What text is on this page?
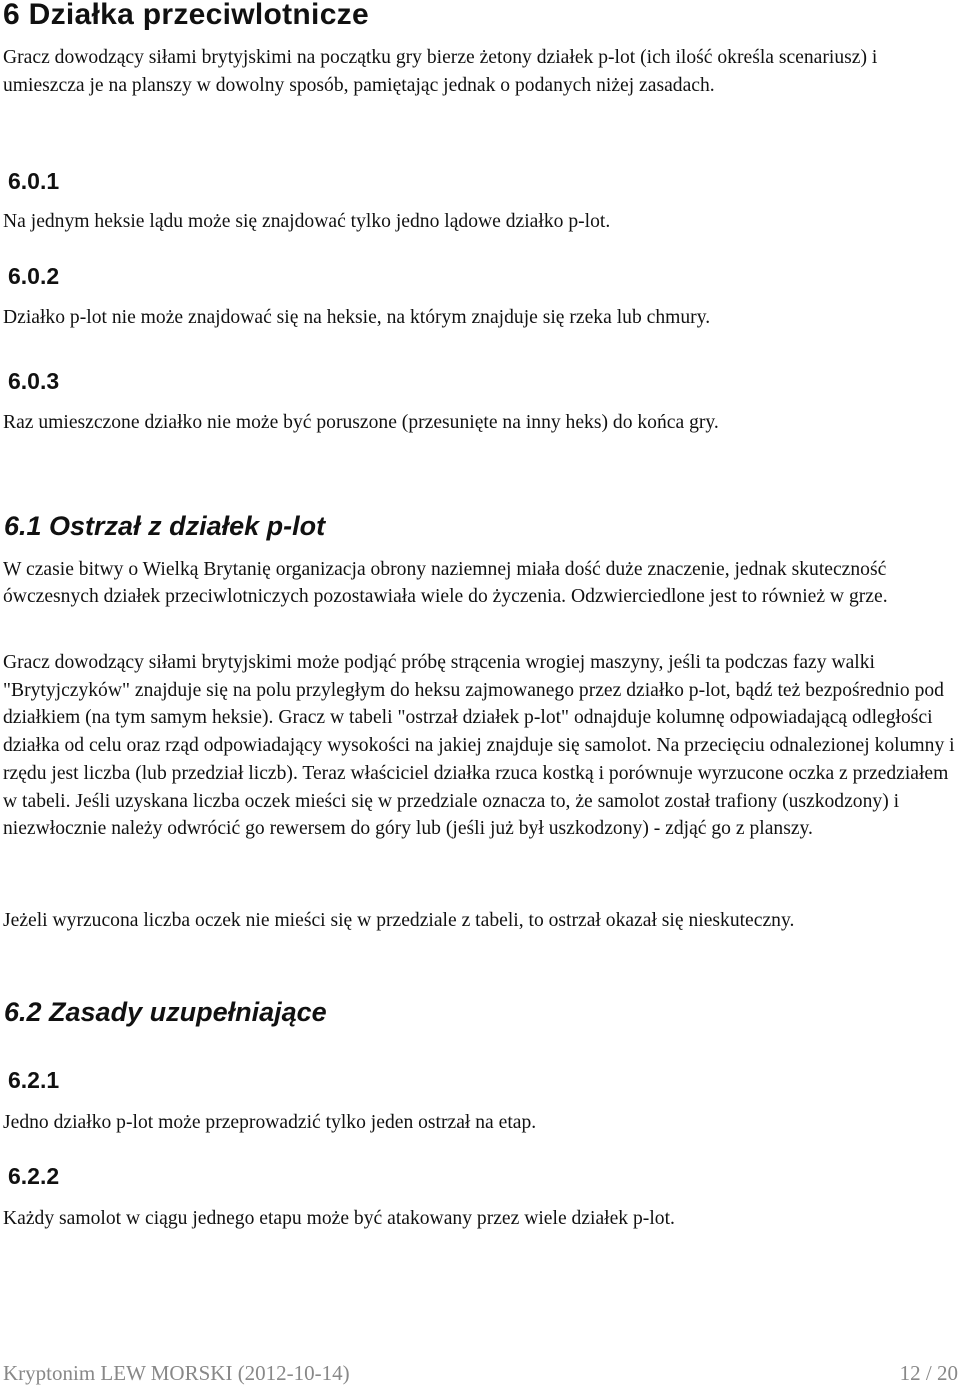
6 Działka przeciwlotnicze

Gracz dowodzący siłami brytyjskimi na początku gry bierze żetony działek p-lot (ich ilość określa scenariusz) i umieszcza je na planszy w dowolny sposób, pamiętając jednak o podanych niżej zasadach.

6.0.1

Na jednym heksie lądu może się znajdować tylko jedno lądowe działko p-lot.

6.0.2

Działko p-lot nie może znajdować się na heksie, na którym znajduje się rzeka lub chmury.

6.0.3

Raz umieszczone działko nie może być poruszone (przesunięte na inny heks) do końca gry.

6.1 Ostrzał z działek p-lot

W czasie bitwy o Wielką Brytanię organizacja obrony naziemnej miała dość duże znaczenie, jednak skuteczność ówczesnych działek przeciwlotniczych pozostawiała wiele do życzenia. Odzwierciedlone jest to również w grze.

Gracz dowodzący siłami brytyjskimi może podjąć próbę strącenia wrogiej maszyny, jeśli ta podczas fazy walki "Brytyjczyków" znajduje się na polu przyległym do heksu zajmowanego przez działko p-lot, bądź też bezpośrednio pod działkiem (na tym samym heksie). Gracz w tabeli "ostrzał działek p-lot" odnajduje kolumnę odpowiadającą odległości działka od celu oraz rząd odpowiadający wysokości na jakiej znajduje się samolot. Na przecięciu odnalezionej kolumny i rzędu jest liczba (lub przedział liczb). Teraz właściciel działka rzuca kostką i porównuje wyrzucone oczka z przedziałem w tabeli. Jeśli uzyskana liczba oczek mieści się w przedziale oznacza to, że samolot został trafiony (uszkodzony) i niezwłocznie należy odwrócić go rewersem do góry lub (jeśli już był uszkodzony) - zdjąć go z planszy.

Jeżeli wyrzucona liczba oczek nie mieści się w przedziale z tabeli, to ostrzał okazał się nieskuteczny.

6.2 Zasady uzupełniające
6.2.1

Jedno działko p-lot może przeprowadzić tylko jeden ostrzał na etap.

6.2.2

Każdy samolot w ciągu jednego etapu może być atakowany przez wiele działek p-lot.

Kryptonim LEW MORSKI (2012-10-14)	12 / 20
